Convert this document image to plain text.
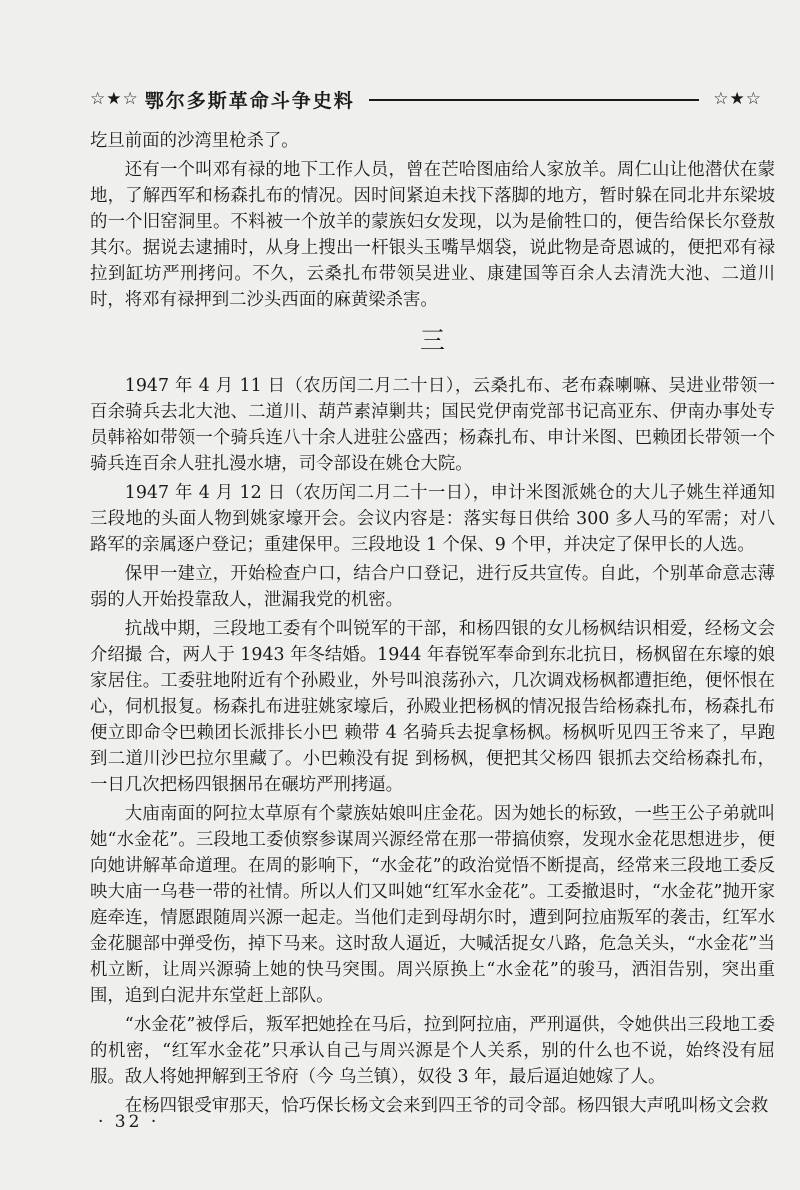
☆★☆ 鄂尔多斯革命斗争史料	☆★☆

圪旦前面的沙湾里枪杀了。

还有一个叫邓有禄的地下工作人员，曾在芒哈图庙给人家放羊。周仁山让他潜伏在蒙地，了解西军和杨森扎布的情况。因时间紧迫未找下落脚的地方，暂时躲在同北井东梁坡的一个旧窑洞里。不料被一个放羊的蒙族妇女发现，以为是偷牲口的，便告给保长尔登敖其尔。据说去逮捕时，从身上搜出一杆银头玉嘴旱烟袋，说此物是奇恩诚的，便把邓有禄拉到缸坊严刑拷问。不久，云桑扎布带领吴进业、康建国等百余人去清洗大池、二道川时，将邓有禄押到二沙头西面的麻黄梁杀害。

三

1947 年 4 月 11 日（农历闰二月二十日），云桑扎布、老布森喇嘛、吴进业带领一百余骑兵去北大池、二道川、葫芦素淖剿共；国民党伊南党部书记高亚东、伊南办事处专员韩裕如带领一个骑兵连八十余人进驻公盛西；杨森扎布、申计米图、巴赖团长带领一个骑兵连百余人驻扎漫水塘，司令部设在姚仓大院。

1947 年 4 月 12 日（农历闰二月二十一日），申计米图派姚仓的大儿子姚生祥通知三段地的头面人物到姚家壕开会。会议内容是：落实每日供给 300 多人马的军需；对八路军的亲属逐户登记；重建保甲。三段地设 1 个保、9 个甲，并决定了保甲长的人选。

保甲一建立，开始检查户口，结合户口登记，进行反共宣传。自此，个别革命意志薄弱的人开始投靠敌人，泄漏我党的机密。

抗战中期，三段地工委有个叫锐军的干部，和杨四银的女儿杨枫结识相爱，经杨文会介绍撮 合，两人于 1943 年冬结婚。1944 年春锐军奉命到东北抗日，杨枫留在东壕的娘家居住。工委驻地附近有个孙殿业，外号叫浪荡孙六，几次调戏杨枫都遭拒绝，便怀恨在心，伺机报复。杨森扎布进驻姚家壕后，孙殿业把杨枫的情况报告给杨森扎布，杨森扎布便立即命令巴赖团长派排长小巴 赖带 4 名骑兵去捉拿杨枫。杨枫听见四王爷来了，早跑到二道川沙巴拉尔里藏了。小巴赖没有捉 到杨枫，便把其父杨四 银抓去交给杨森扎布，一日几次把杨四银捆吊在碾坊严刑拷逼。

大庙南面的阿拉太草原有个蒙族姑娘叫庄金花。因为她长的标致，一些王公子弟就叫她“水金花”。三段地工委侦察参谋周兴源经常在那一带搞侦察，发现水金花思想进步，便向她讲解革命道理。在周的影响下，“水金花”的政治觉悟不断提高，经常来三段地工委反映大庙一乌巷一带的社情。所以人们又叫她“红军水金花”。工委撤退时，“水金花”抛开家庭牵连，情愿跟随周兴源一起走。当他们走到母胡尔时，遭到阿拉庙叛军的袭击，红军水金花腿部中弹受伤，掉下马来。这时敌人逼近，大喊活捉女八路，危急关头，“水金花”当机立断，让周兴源骑上她的快马突围。周兴原换上“水金花”的骏马，洒泪告别，突出重围，追到白泥井东堂赶上部队。

“水金花”被俘后，叛军把她拴在马后，拉到阿拉庙，严刑逼供，令她供出三段地工委的机密，“红军水金花”只承认自己与周兴源是个人关系，别的什么也不说，始终没有屈服。敌人将她押解到王爷府（今 乌兰镇），奴役 3 年，最后逼迫她嫁了人。

在杨四银受审那天，恰巧保长杨文会来到四王爷的司令部。杨四银大声吼叫杨文会救

· 32 ·
